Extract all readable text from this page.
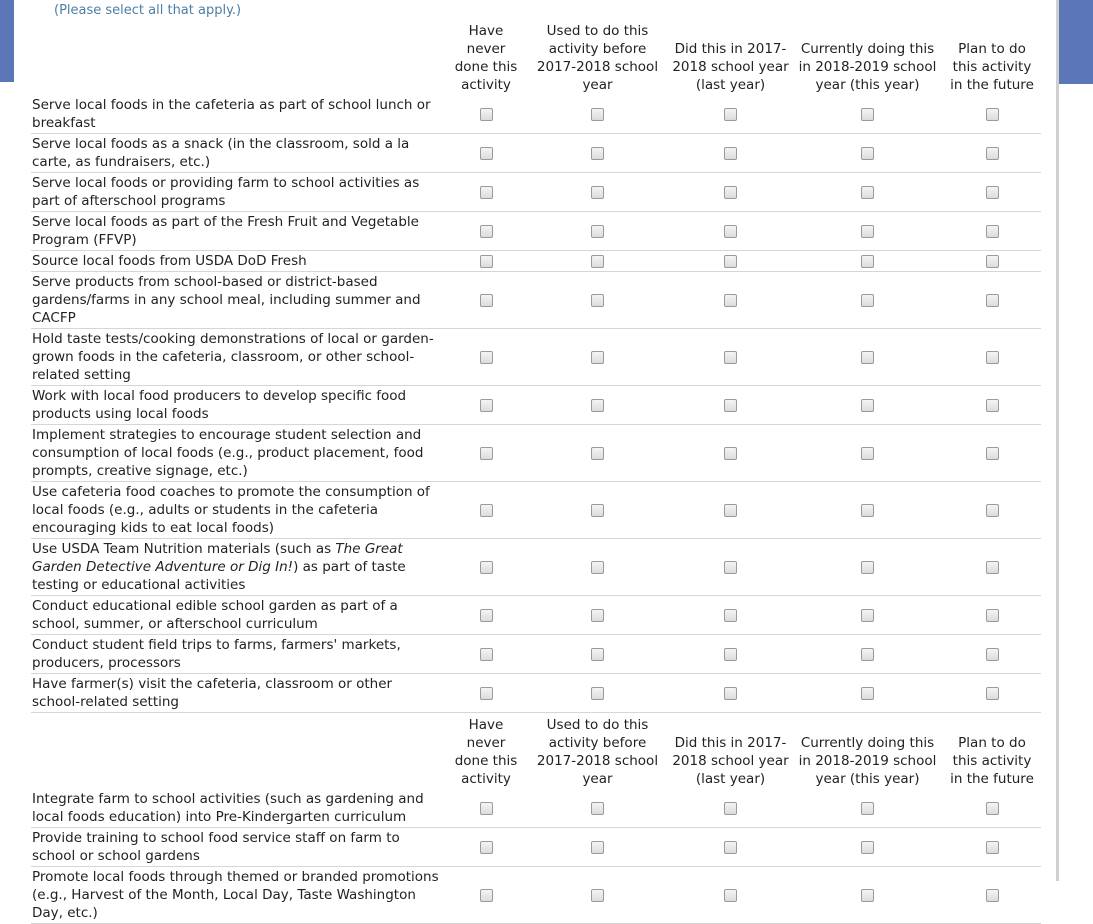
(Please select all that apply.)
	Have never done this activity	Used to do this activity before 2017-2018 school year	Did this in 2017-2018 school year (last year)	Currently doing this in 2018-2019 school year (this year)	Plan to do this activity in the future
Serve local foods in the cafeteria as part of school lunch or breakfast					
Serve local foods as a snack (in the classroom, sold a la carte, as fundraisers, etc.)					
Serve local foods or providing farm to school activities as part of afterschool programs					
Serve local foods as part of the Fresh Fruit and Vegetable Program (FFVP)					
Source local foods from USDA DoD Fresh					
Serve products from school-based or district-based gardens/farms in any school meal, including summer and CACFP					
Hold taste tests/cooking demonstrations of local or garden-grown foods in the cafeteria, classroom, or other school-related setting					
Work with local food producers to develop specific food products using local foods					
Implement strategies to encourage student selection and consumption of local foods (e.g., product placement, food prompts, creative signage, etc.)					
Use cafeteria food coaches to promote the consumption of local foods (e.g., adults or students in the cafeteria encouraging kids to eat local foods)					
Use USDA Team Nutrition materials (such as The Great Garden Detective Adventure or Dig In!) as part of taste testing or educational activities					
Conduct educational edible school garden as part of a school, summer, or afterschool curriculum					
Conduct student field trips to farms, farmers' markets, producers, processors					
Have farmer(s) visit the cafeteria, classroom or other school-related setting					
	Have never done this activity	Used to do this activity before 2017-2018 school year	Did this in 2017-2018 school year (last year)	Currently doing this in 2018-2019 school year (this year)	Plan to do this activity in the future
Integrate farm to school activities (such as gardening and local foods education) into Pre-Kindergarten curriculum					
Provide training to school food service staff on farm to school or school gardens					
Promote local foods through themed or branded promotions (e.g., Harvest of the Month, Local Day, Taste Washington Day, etc.)					
